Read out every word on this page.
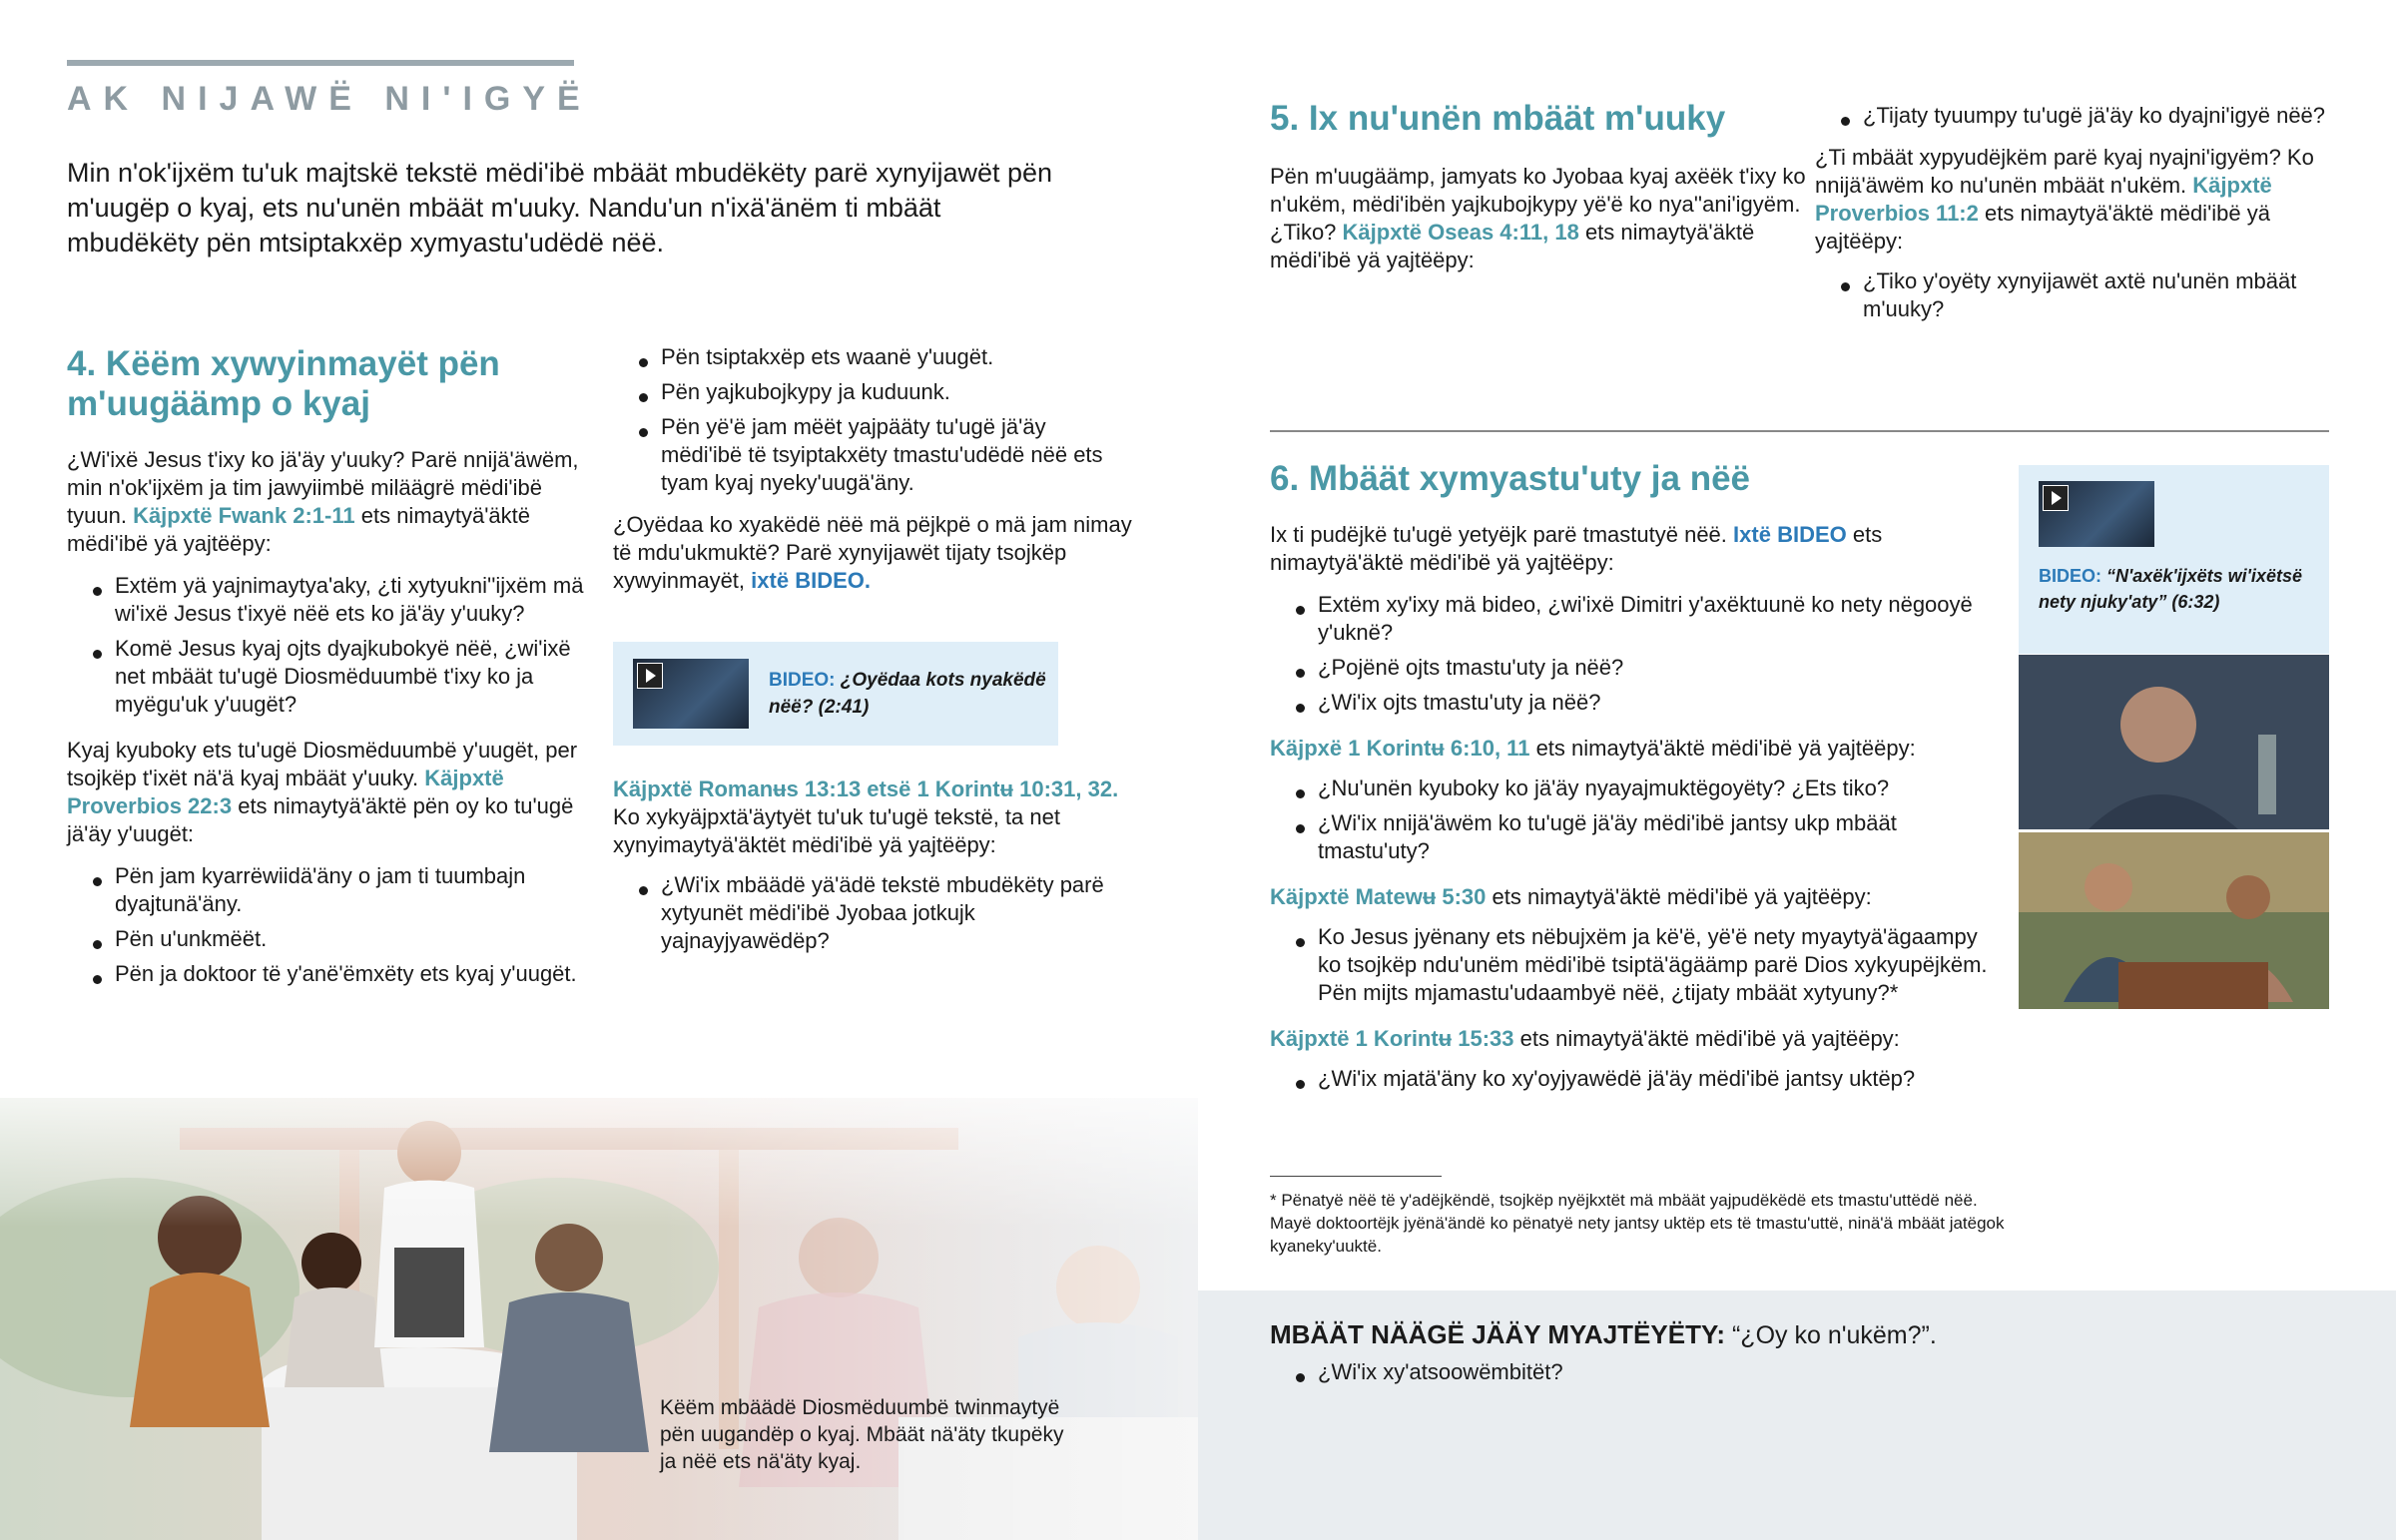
AK NIJAWË NI'IGYË

Min n'ok'ijxëm tu'uk majtskë tekstë mëdi'ibë mbäät mbudëkëty parë xynyijawët pën m'uugëp o kyaj, ets nu'unën mbäät m'uuky. Nandu'un n'ixä'änëm ti mbäät mbudëkëty pën mtsiptakxëp xymyastu'udëdë nëë.

4. Këëm xywyinmayët pën m'uugäämp o kyaj

¿Wi'ixë Jesus t'ixy ko jä'äy y'uuky? Parë nnijä'äwëm, min n'ok'ijxëm ja tim jawyiimbë miläägrë mëdi'ibë tyuun. Käjpxtë Fwank 2:1-11 ets nimaytyä'äktë mëdi'ibë yä yajtëëpy:

Extëm yä yajnimaytya'aky, ¿ti xytyukni''ijxëm mä wi'ixë Jesus t'ixyë nëë ets ko jä'äy y'uuky?
Komë Jesus kyaj ojts dyajkubokyë nëë, ¿wi'ixë net mbäät tu'ugë Diosmëduumbë t'ixy ko ja myëgu'uk y'uugët?

Kyaj kyuboky ets tu'ugë Diosmëduumbë y'uugët, per tsojkëp t'ixët nä'ä kyaj mbäät y'uuky. Käjpxtë Proverbios 22:3 ets nimaytyä'äktë pën oy ko tu'ugë jä'äy y'uugët:

Pën jam kyarrëwiidä'äny o jam ti tuumbajn dyajtunä'äny.
Pën u'unkmëët.
Pën ja doktoor të y'anë'ëmxëty ets kyaj y'uugët.
Pën tsiptakxëp ets waanë y'uugët.
Pën yajkubojkypy ja kuduunk.
Pën yë'ë jam mëët yajpääty tu'ugë jä'äy mëdi'ibë të tsyiptakxëty tmastu'udëdë nëë ets tyam kyaj nyeky'uugä'äny.

¿Oyëdaa ko xyakëdë nëë mä pëjkpë o mä jam nimay të mdu'ukmuktë? Parë xynyijawët tijaty tsojkëp xywyinmayët, ixtë BIDEO.

BIDEO: ¿Oyëdaa kots nyakëdë nëë? (2:41)

Käjpxtë Romanʉs 13:13 etsë 1 Korintʉ 10:31, 32.
Ko xykyäjpxtä'äytyët tu'uk tu'ugë tekstë, ta net xynyimaytyä'äktët mëdi'ibë yä yajtëëpy:

¿Wi'ix mbäädë yä'ädë tekstë mbudëkëty parë xytyunët mëdi'ibë Jyobaa jotkujk yajnayjyawëdëp?

Këëm mbäädë Diosmëduumbë twinmaytyë pën uugandëp o kyaj. Mbäät nä'äty tkupëky ja nëë ets nä'äty kyaj.

5. Ix nu'unën mbäät m'uuky

Pën m'uugäämp, jamyats ko Jyobaa kyaj axëëk t'ixy ko n'ukëm, mëdi'ibën yajkubojkypy yë'ë ko nya''ani'igyëm. ¿Tiko? Käjpxtë Oseas 4:11, 18 ets nimaytyä'äktë mëdi'ibë yä yajtëëpy:

¿Tijaty tyuumpy tu'ugë jä'äy ko dyajni'igyë nëë?

¿Ti mbäät xypyudëjkëm parë kyaj nyajni'igyëm? Ko nnijä'äwëm ko nu'unën mbäät n'ukëm. Käjpxtë Proverbios 11:2 ets nimaytyä'äktë mëdi'ibë yä yajtëëpy:

¿Tiko y'oyëty xynyijawët axtë nu'unën mbäät m'uuky?
6. Mbäät xymyastu'uty ja nëë

Ix ti pudëjkë tu'ugë yetyëjk parë tmastutyë nëë. Ixtë BIDEO ets nimaytyä'äktë mëdi'ibë yä yajtëëpy:

Extëm xy'ixy mä bideo, ¿wi'ixë Dimitri y'axëktuunë ko nety nëgooyë y'uknë?
¿Pojënë ojts tmastu'uty ja nëë?
¿Wi'ix ojts tmastu'uty ja nëë?

Käjpxë 1 Korintʉ 6:10, 11 ets nimaytyä'äktë mëdi'ibë yä yajtëëpy:

¿Nu'unën kyuboky ko jä'äy nyayajmuktëgoyëty? ¿Ets tiko?
¿Wi'ix nnijä'äwëm ko tu'ugë jä'äy mëdi'ibë jantsy ukp mbäät tmastu'uty?

Käjpxtë Matewʉ 5:30 ets nimaytyä'äktë mëdi'ibë yä yajtëëpy:

Ko Jesus jyënany ets nëbujxëm ja kë'ë, yë'ë nety myaytyä'ägaampy ko tsojkëp ndu'unëm mëdi'ibë tsiptä'ägäämp parë Dios xykyupëjkëm. Pën mijts mjamastu'udaambyë nëë, ¿tijaty mbäät xytyuny?*

Käjpxtë 1 Korintʉ 15:33 ets nimaytyä'äktë mëdi'ibë yä yajtëëpy:

¿Wi'ix mjatä'äny ko xy'oyjyawëdë jä'äy mëdi'ibë jantsy uktëp?
BIDEO: “N'axëk'ijxëts wi'ixëtsë nety njuky'aty” (6:32)

* Pënatyë nëë të y'adëjkëndë, tsojkëp nyëjkxtët mä mbäät yajpudëkëdë ets tmastu'uttëdë nëë. Mayë doktoortëjk jyënä'ändë ko pënatyë nety jantsy uktëp ets të tmastu'uttë, ninä'ä mbäät jatëgok kyaneky'uuktë.

MBÄÄT NÄÄGË JÄÄY MYAJTËYËTY: “¿Oy ko n'ukëm?”.

¿Wi'ix xy'atsoowëmbitët?
